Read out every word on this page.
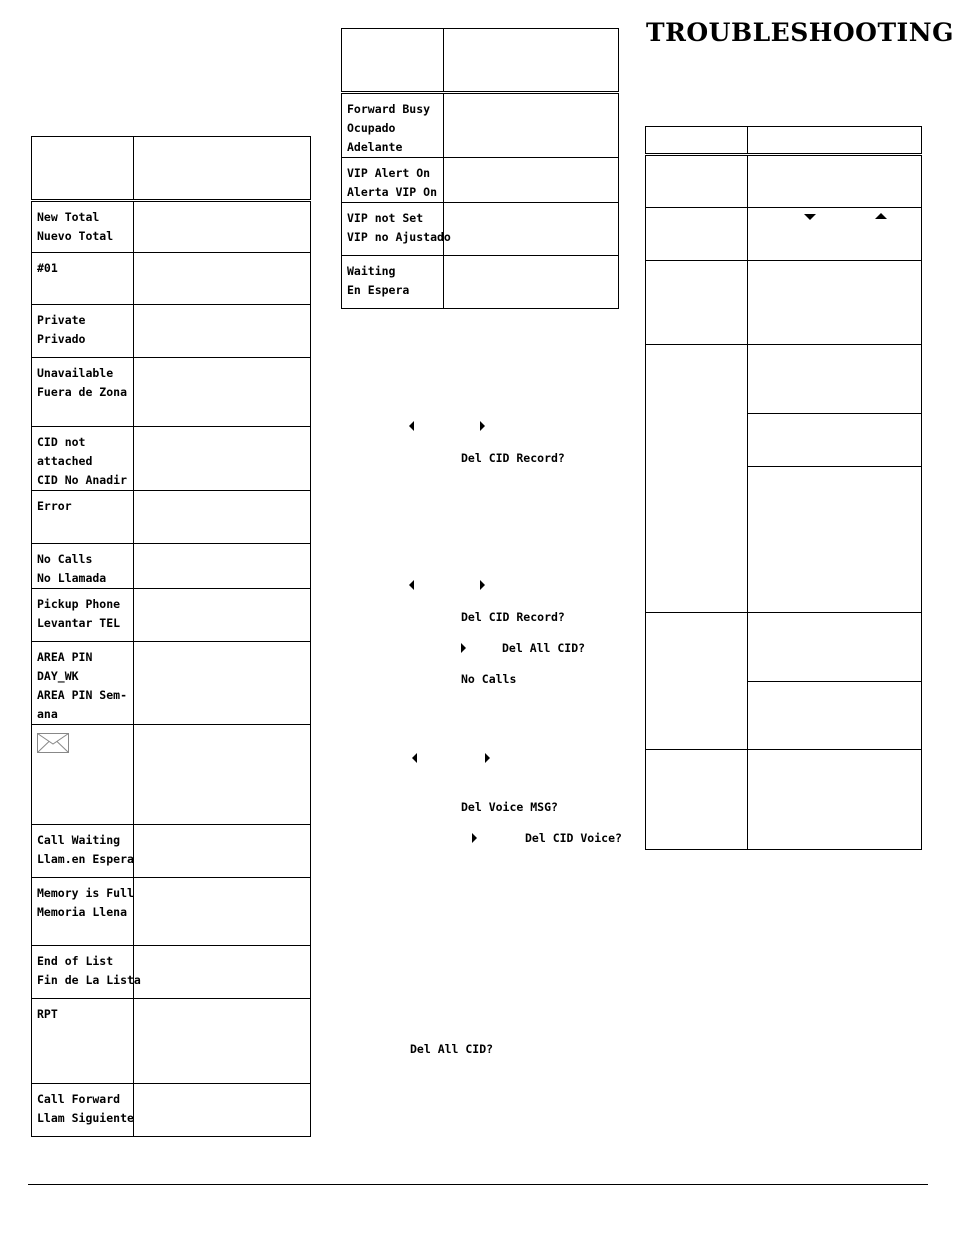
New Total
Nuevo Total	

#01	

Private
Privado	

Unavailable
Fuera de Zona	

CID not
attached
CID No Anadir	

Error	

No Calls
No Llamada	

Pickup Phone
Levantar TEL	

AREA PIN
DAY_WK
AREA PIN Sem-
ana	

Call Waiting
Llam.en Espera	

Memory is Full
Memoria Llena	

End of List
Fin de La Lista	

RPT	

Call Forward
Llam Siguiente	

Forward Busy
Ocupado
Adelante	

VIP Alert On
Alerta VIP On	

VIP not Set
VIP no Ajustado	

Waiting
En Espera	

Del CID Record?
Del CID Record?
Del All CID?
No Calls
Del Voice MSG?
Del CID Voice?
Del All CID?
TROUBLESHOOTING
